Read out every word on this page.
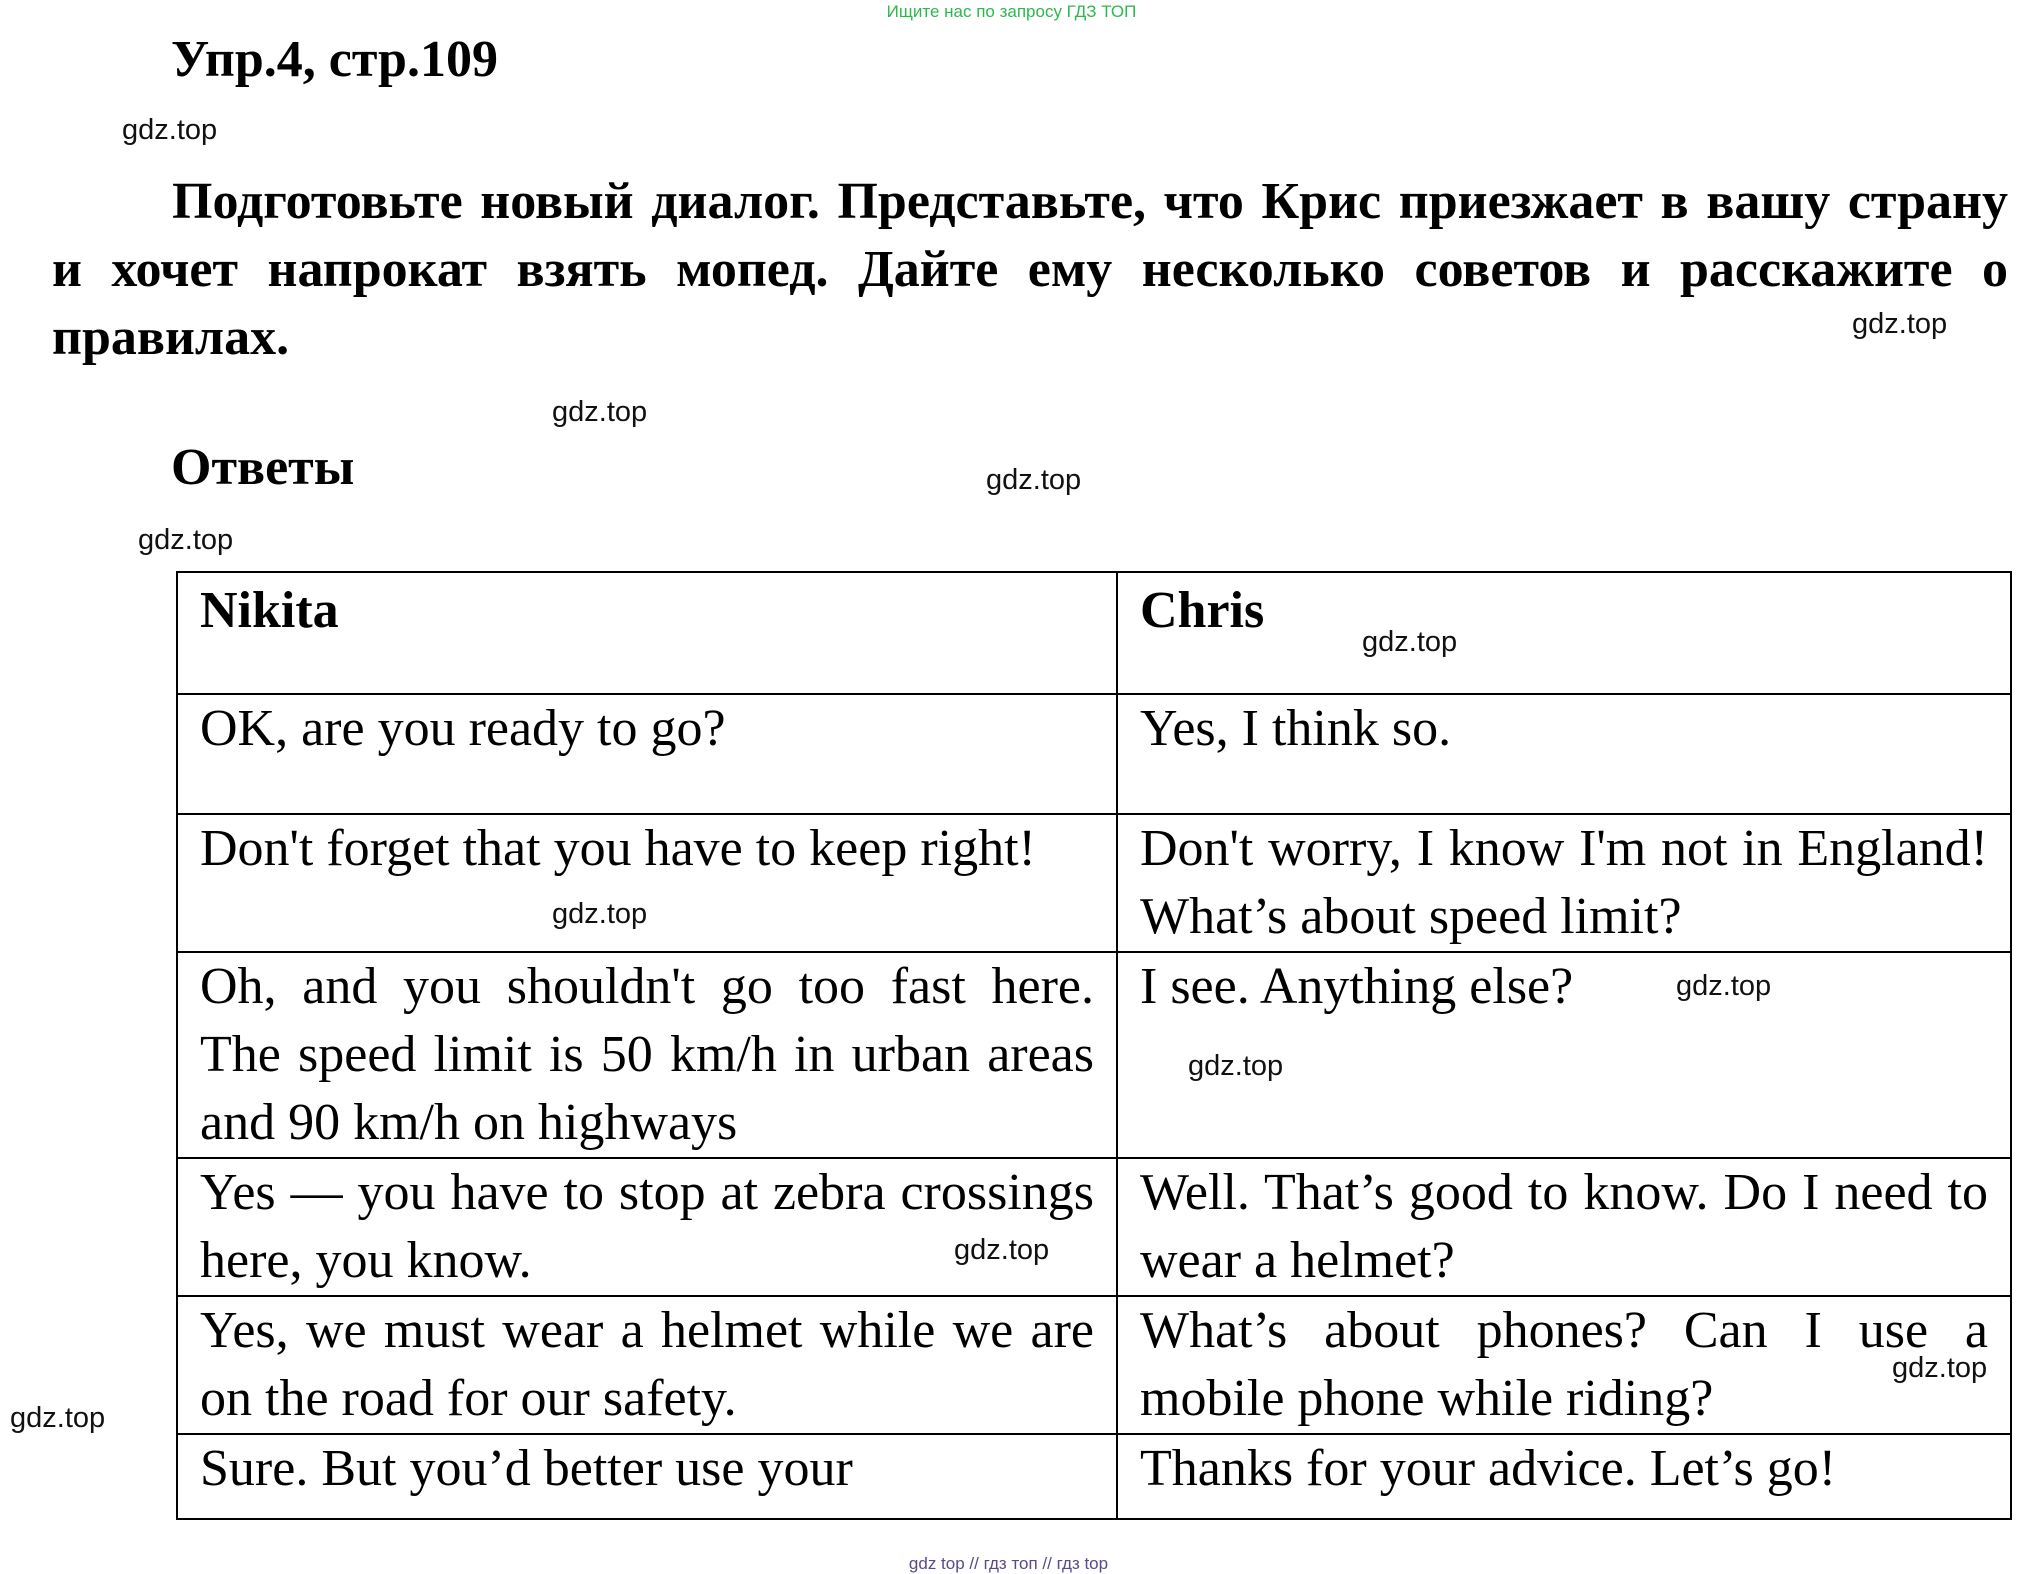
Ищите нас по запросу ГДЗ ТОП
Упр.4, стр.109
Подготовьте новый диалог. Представьте, что Крис приезжает в вашу страну и хочет напрокат взять мопед. Дайте ему несколько советов и расскажите о правилах.
Ответы
Nikita	Chris
OK, are you ready to go?	Yes, I think so.
Don't forget that you have to keep right!	Don't worry, I know I'm not in England! What’s about speed limit?
Oh, and you shouldn't go too fast here. The speed limit is 50 km/h in urban areas and 90 km/h on highways	I see. Anything else?
Yes — you have to stop at zebra crossings here, you know.	Well. That’s good to know. Do I need to wear a helmet?
Yes, we must wear a helmet while we are on the road for our safety.	What’s about phones? Can I use a mobile phone while riding?
Sure. But you’d better use your	Thanks for your advice. Let’s go!
gdz.top
gdz.top
gdz.top
gdz.top
gdz.top
gdz.top
gdz.top
gdz.top
gdz.top
gdz.top
gdz.top
gdz.top
gdz top // гдз топ // гдз top
